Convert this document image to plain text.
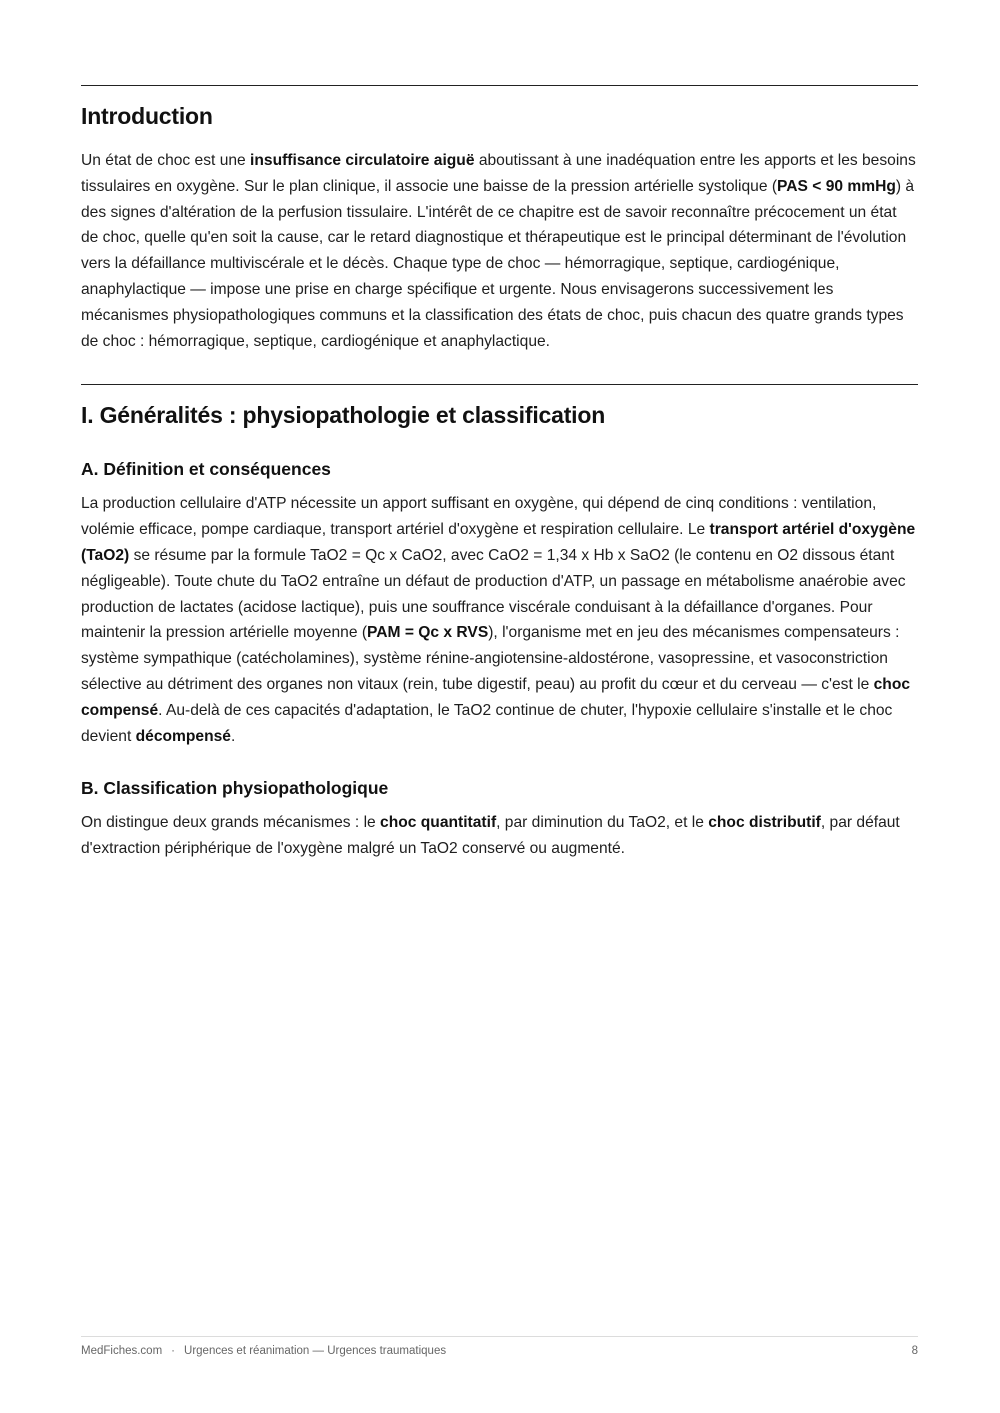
Introduction

Un état de choc est une insuffisance circulatoire aiguë aboutissant à une inadéquation entre les apports et les besoins tissulaires en oxygène. Sur le plan clinique, il associe une baisse de la pression artérielle systolique (PAS < 90 mmHg) à des signes d'altération de la perfusion tissulaire. L'intérêt de ce chapitre est de savoir reconnaître précocement un état de choc, quelle qu'en soit la cause, car le retard diagnostique et thérapeutique est le principal déterminant de l'évolution vers la défaillance multiviscérale et le décès. Chaque type de choc — hémorragique, septique, cardiogénique, anaphylactique — impose une prise en charge spécifique et urgente. Nous envisagerons successivement les mécanismes physiopathologiques communs et la classification des états de choc, puis chacun des quatre grands types de choc : hémorragique, septique, cardiogénique et anaphylactique.

I. Généralités : physiopathologie et classification
A. Définition et conséquences

La production cellulaire d'ATP nécessite un apport suffisant en oxygène, qui dépend de cinq conditions : ventilation, volémie efficace, pompe cardiaque, transport artériel d'oxygène et respiration cellulaire. Le transport artériel d'oxygène (TaO2) se résume par la formule TaO2 = Qc x CaO2, avec CaO2 = 1,34 x Hb x SaO2 (le contenu en O2 dissous étant négligeable). Toute chute du TaO2 entraîne un défaut de production d'ATP, un passage en métabolisme anaérobie avec production de lactates (acidose lactique), puis une souffrance viscérale conduisant à la défaillance d'organes. Pour maintenir la pression artérielle moyenne (PAM = Qc x RVS), l'organisme met en jeu des mécanismes compensateurs : système sympathique (catécholamines), système rénine-angiotensine-aldostérone, vasopressine, et vasoconstriction sélective au détriment des organes non vitaux (rein, tube digestif, peau) au profit du cœur et du cerveau — c'est le choc compensé. Au-delà de ces capacités d'adaptation, le TaO2 continue de chuter, l'hypoxie cellulaire s'installe et le choc devient décompensé.

B. Classification physiopathologique

On distingue deux grands mécanismes : le choc quantitatif, par diminution du TaO2, et le choc distributif, par défaut d'extraction périphérique de l'oxygène malgré un TaO2 conservé ou augmenté.

MedFiches.com · Urgences et réanimation — Urgences traumatiques	8
